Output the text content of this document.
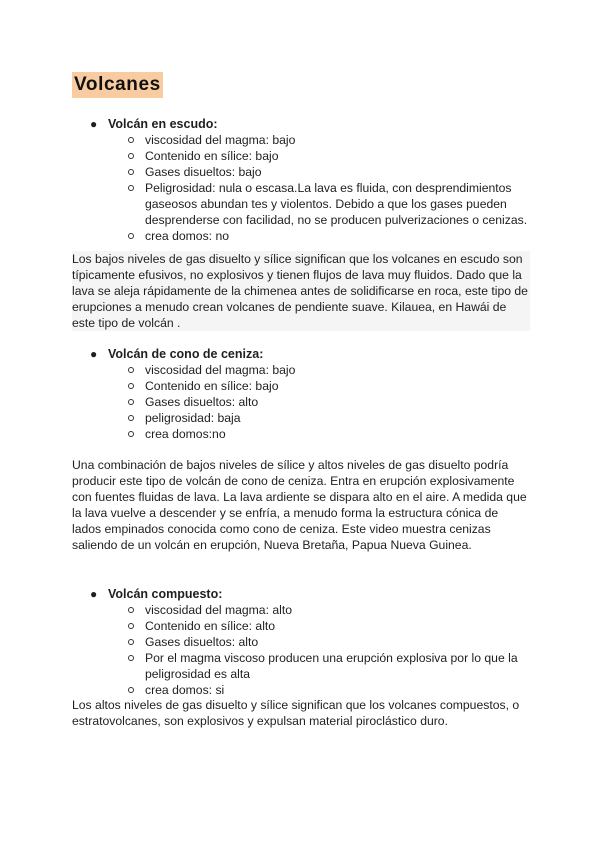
Volcanes
● Volcán en escudo:
viscosidad del magma: bajo
Contenido en sílice: bajo
Gases disueltos: bajo
Peligrosidad: nula o escasa.La lava es fluida, con desprendimientos gaseosos abundan tes y violentos. Debido a que los gases pueden desprenderse con facilidad, no se producen pulverizaciones o cenizas.
crea domos: no

Los bajos niveles de gas disuelto y sílice significan que los volcanes en escudo son típicamente efusivos, no explosivos y tienen flujos de lava muy fluidos. Dado que la lava se aleja rápidamente de la chimenea antes de solidificarse en roca, este tipo de erupciones a menudo crean volcanes de pendiente suave. Kilauea, en Hawái de este tipo de volcán .

● Volcán de cono de ceniza:
viscosidad del magma: bajo
Contenido en sílice: bajo
Gases disueltos: alto
peligrosidad: baja
crea domos:no

Una combinación de bajos niveles de sílice y altos niveles de gas disuelto podría producir este tipo de volcán de cono de ceniza. Entra en erupción explosivamente con fuentes fluidas de lava. La lava ardiente se dispara alto en el aire. A medida que la lava vuelve a descender y se enfría, a menudo forma la estructura cónica de lados empinados conocida como cono de ceniza. Este video muestra cenizas saliendo de un volcán en erupción, Nueva Bretaña, Papua Nueva Guinea.

● Volcán compuesto:
viscosidad del magma: alto
Contenido en sílice: alto
Gases disueltos: alto
Por el magma viscoso producen una erupción explosiva por lo que la peligrosidad es alta
crea domos: si

Los altos niveles de gas disuelto y sílice significan que los volcanes compuestos, o estratovolcanes, son explosivos y expulsan material piroclástico duro.
